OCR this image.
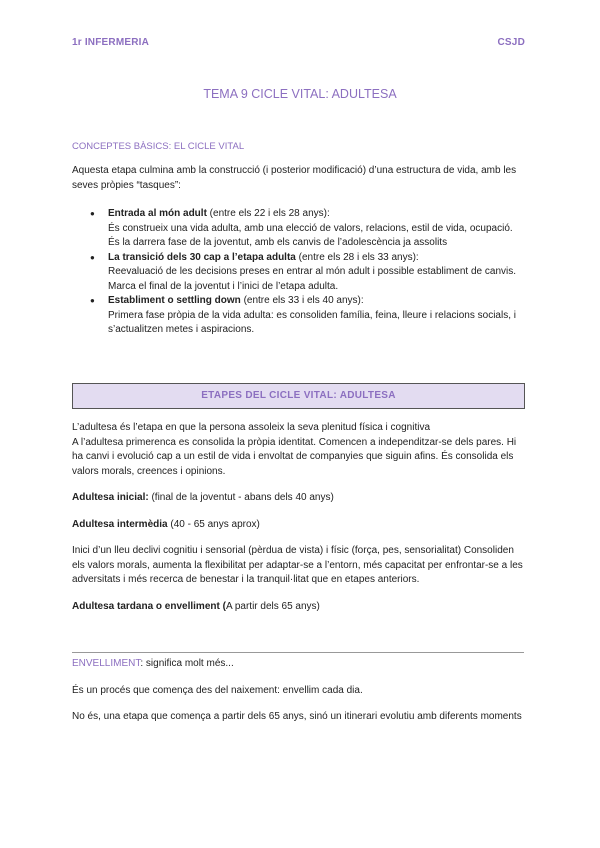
1r INFERMERIA	CSJD
TEMA 9 CICLE VITAL: ADULTESA
CONCEPTES BÀSICS: EL CICLE VITAL

Aquesta etapa culmina amb la construcció (i posterior modificació) d’una estructura de vida, amb les seves pròpies “tasques”:

● Entrada al món adult (entre els 22 i els 28 anys):
És construeix una vida adulta, amb una elecció de valors, relacions, estil de vida, ocupació. És la darrera fase de la joventut, amb els canvis de l’adolescència ja assolits
● La transició dels 30 cap a l’etapa adulta (entre els 28 i els 33 anys):
Reevaluació de les decisions preses en entrar al món adult i possible establiment de canvis. Marca el final de la joventut i l’inici de l’etapa adulta.
● Establiment o settling down (entre els 33 i els 40 anys):
Primera fase pròpia de la vida adulta: es consoliden família, feina, lleure i relacions socials, i s’actualitzen metes i aspiracions.
ETAPES DEL CICLE VITAL: ADULTESA

L’adultesa és l’etapa en que la persona assoleix la seva plenitud física i cognitiva

A l’adultesa primerenca es consolida la pròpia identitat. Comencen a independitzar-se dels pares. Hi ha canvi i evolució cap a un estil de vida i envoltat de companyies que siguin afins. És consolida els valors morals, creences i opinions.

Adultesa inicial: (final de la joventut - abans dels 40 anys)

Adultesa intermèdia (40 - 65 anys aprox)

Inici d’un lleu declivi cognitiu i sensorial (pèrdua de vista) i físic (força, pes, sensorialitat) Consoliden els valors morals, aumenta la flexibilitat per adaptar-se a l’entorn, més capacitat per enfrontar-se a les adversitats i més recerca de benestar i la tranquil·litat que en etapes anteriors.

Adultesa tardana o envelliment (A partir dels 65 anys)

ENVELLIMENT: significa molt més...

És un procés que comença des del naixement: envellim cada dia.

No és, una etapa que comença a partir dels 65 anys, sinó un itinerari evolutiu amb diferents moments
